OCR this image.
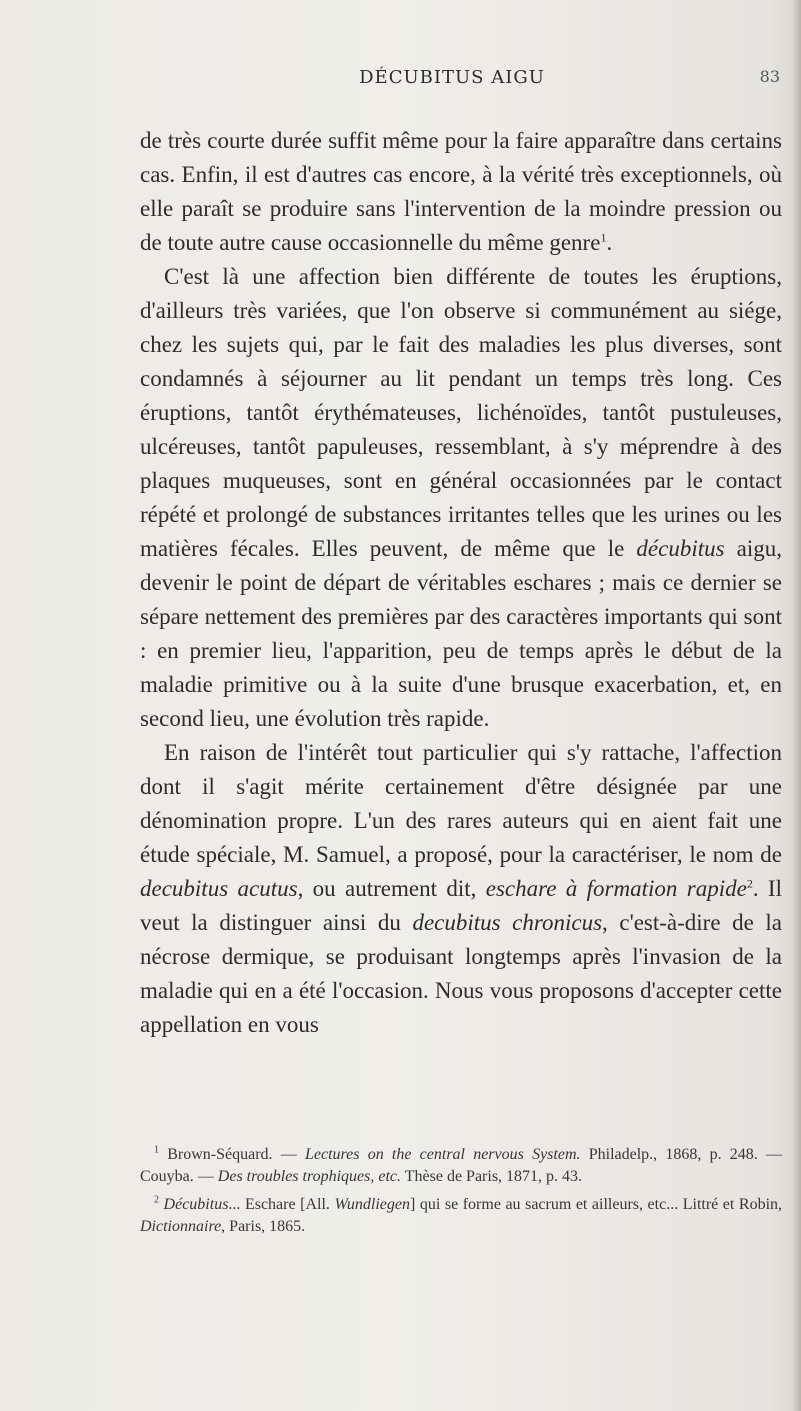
DÉCUBITUS AIGU	83

de très courte durée suffit même pour la faire apparaître dans certains cas. Enfin, il est d'autres cas encore, à la vérité très exceptionnels, où elle paraît se produire sans l'intervention de la moindre pression ou de toute autre cause occasionnelle du même genre$^1$.

C'est là une affection bien différente de toutes les éruptions, d'ailleurs très variées, que l'on observe si communément au siége, chez les sujets qui, par le fait des maladies les plus diverses, sont condamnés à séjourner au lit pendant un temps très long. Ces éruptions, tantôt érythémateuses, lichénoïdes, tantôt pustuleuses, ulcéreuses, tantôt papuleuses, ressemblant, à s'y méprendre à des plaques muqueuses, sont en général occasionnées par le contact répété et prolongé de substances irritantes telles que les urines ou les matières fécales. Elles peuvent, de même que le décubitus aigu, devenir le point de départ de véritables eschares ; mais ce dernier se sépare nettement des premières par des caractères importants qui sont : en premier lieu, l'apparition, peu de temps après le début de la maladie primitive ou à la suite d'une brusque exacerbation, et, en second lieu, une évolution très rapide.

En raison de l'intérêt tout particulier qui s'y rattache, l'affection dont il s'agit mérite certainement d'être désignée par une dénomination propre. L'un des rares auteurs qui en aient fait une étude spéciale, M. Samuel, a proposé, pour la caractériser, le nom de decubitus acutus, ou autrement dit, eschare à formation rapide$^2$. Il veut la distinguer ainsi du decubitus chronicus, c'est-à-dire de la nécrose dermique, se produisant longtemps après l'invasion de la maladie qui en a été l'occasion. Nous vous proposons d'accepter cette appellation en vous

$^1$ Brown-Séquard. — Lectures on the central nervous System. Philadelp., 1868, p. 248. — Couyba. — Des troubles trophiques, etc. Thèse de Paris, 1871, p. 43.

$^2$ Décubitus... Eschare [All. Wundliegen] qui se forme au sacrum et ailleurs, etc... Littré et Robin, Dictionnaire, Paris, 1865.
